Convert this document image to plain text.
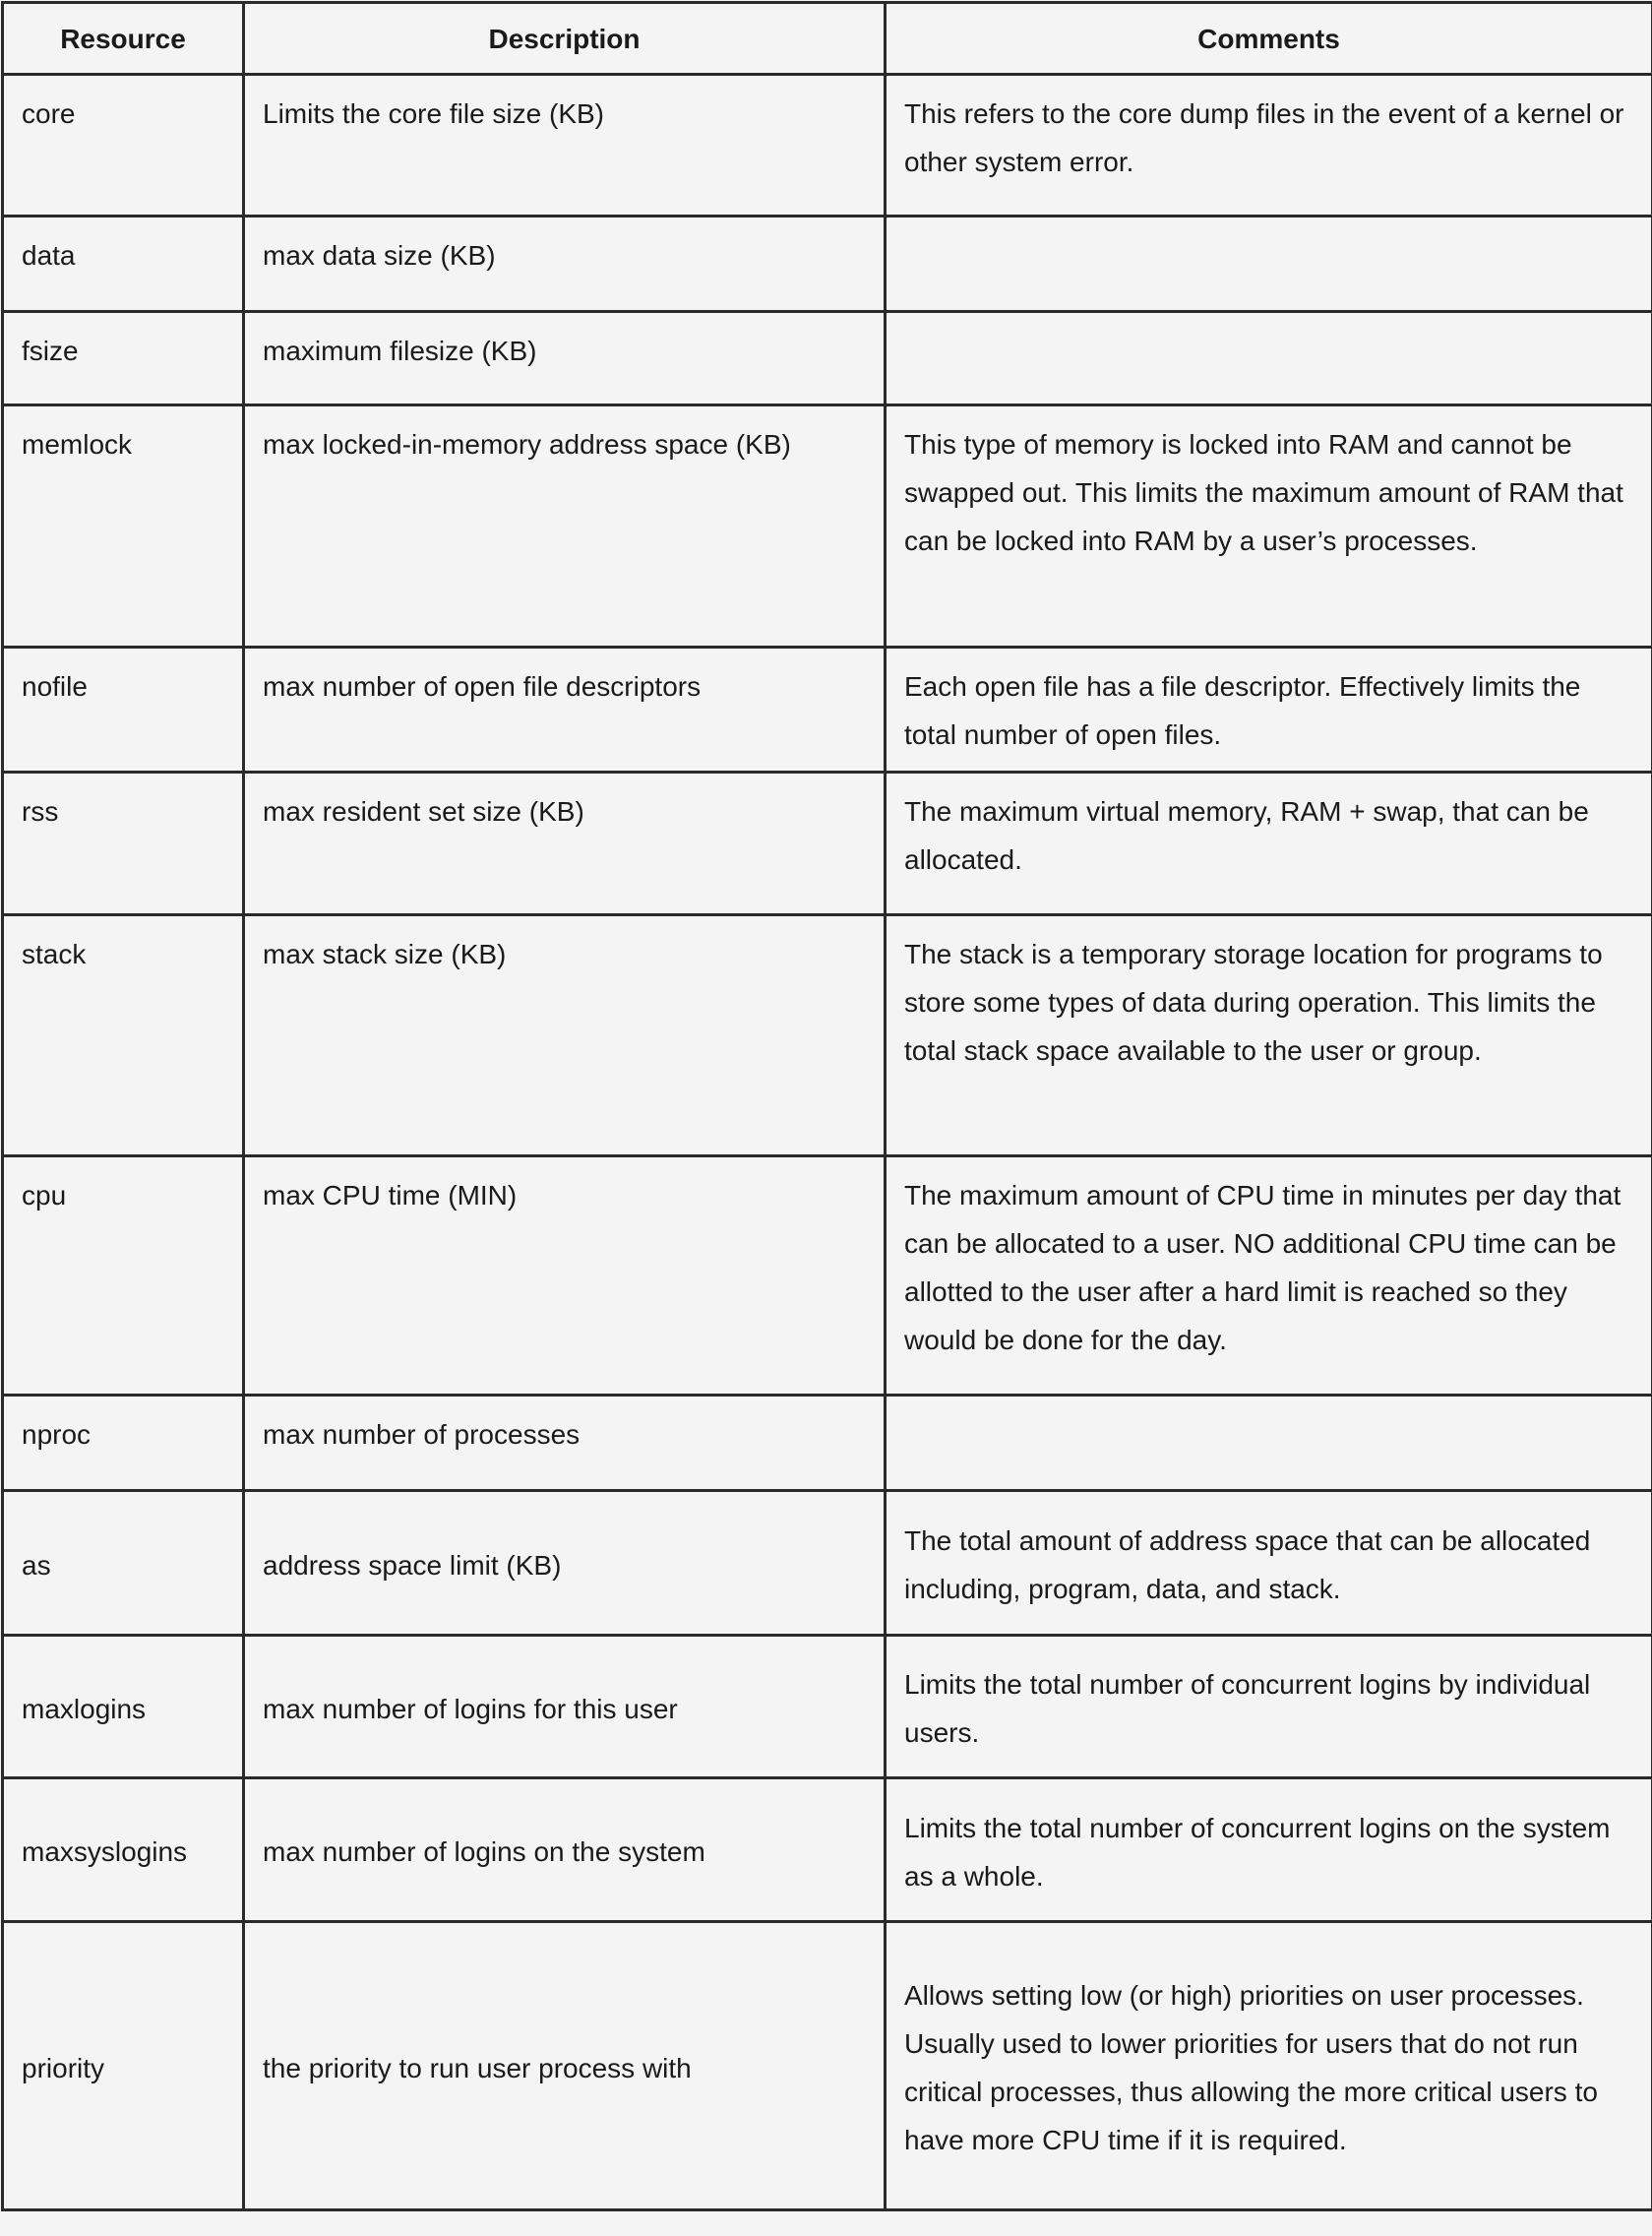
Resource	Description	Comments
core	Limits the core file size (KB)	This refers to the core dump files in the event of a kernel or other system error.
data	max data size (KB)	
fsize	maximum filesize (KB)	
memlock	max locked-in-memory address space (KB)	This type of memory is locked into RAM and cannot be swapped out. This limits the maximum amount of RAM that can be locked into RAM by a user’s processes.
nofile	max number of open file descriptors	Each open file has a file descriptor. Effectively limits the total number of open files.
rss	max resident set size (KB)	The maximum virtual memory, RAM + swap, that can be allocated.
stack	max stack size (KB)	The stack is a temporary storage location for programs to store some types of data during operation. This limits the total stack space available to the user or group.
cpu	max CPU time (MIN)	The maximum amount of CPU time in minutes per day that can be allocated to a user. NO additional CPU time can be allotted to the user after a hard limit is reached so they would be done for the day.
nproc	max number of processes	
as	address space limit (KB)	The total amount of address space that can be allocated including, program, data, and stack.
maxlogins	max number of logins for this user	Limits the total number of concurrent logins by individual users.
maxsyslogins	max number of logins on the system	Limits the total number of concurrent logins on the system as a whole.
priority	the priority to run user process with	Allows setting low (or high) priorities on user processes. Usually used to lower priorities for users that do not run critical processes, thus allowing the more critical users to have more CPU time if it is required.
